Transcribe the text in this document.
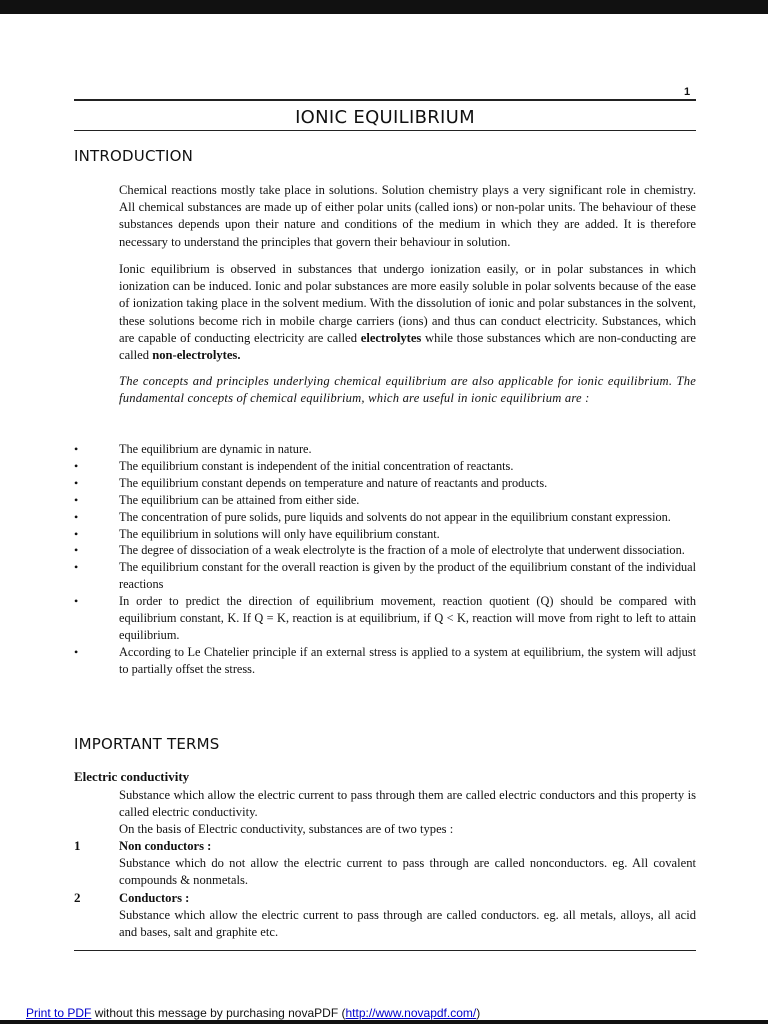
1
IONIC EQUILIBRIUM
INTRODUCTION

Chemical reactions mostly take place in solutions. Solution chemistry plays a very significant role in chemistry. All chemical substances are made up of either polar units (called ions) or non-polar units. The behaviour of these substances depends upon their nature and conditions of the medium in which they are added. It is therefore necessary to understand the principles that govern their behaviour in solution.

Ionic equilibrium is observed in substances that undergo ionization easily, or in polar substances in which ionization can be induced. Ionic and polar substances are more easily soluble in polar solvents because of the ease of ionization taking place in the solvent medium. With the dissolution of ionic and polar substances in the solvent, these solutions become rich in mobile charge carriers (ions) and thus can conduct electricity. Substances, which are capable of conducting electricity are called electrolytes while those substances which are non-conducting are called non-electrolytes.

The concepts and principles underlying chemical equilibrium are also applicable for ionic equilibrium. The fundamental concepts of chemical equilibrium, which are useful in ionic equilibrium are :

•	The equilibrium are dynamic in nature.
•	The equilibrium constant is independent of the initial concentration of reactants.
•	The equilibrium constant depends on temperature and nature of reactants and products.
•	The equilibrium can be attained from either side.
•	The concentration of pure solids, pure liquids and solvents do not appear in the equilibrium constant expression.
•	The equilibrium in solutions will only have equilibrium constant.
•	The degree of dissociation of a weak electrolyte is the fraction of a mole of electrolyte that underwent dissociation.
•	The equilibrium constant for the overall reaction is given by the product of the equilibrium constant of the individual reactions
•	In order to predict the direction of equilibrium movement, reaction quotient (Q) should be compared with equilibrium constant, K. If Q = K, reaction is at equilibrium, if Q < K, reaction will move from right to left to attain equilibrium.
•	According to Le Chatelier principle if an external stress is applied to a system at equilibrium, the system will adjust to partially offset the stress.
IMPORTANT TERMS
Electric conductivity
Substance which allow the electric current to pass through them are called electric conductors and this property is called electric conductivity.
On the basis of Electric conductivity, substances are of two types :
1	Non conductors :
Substance which do not allow the electric current to pass through are called nonconductors. eg. All covalent compounds & nonmetals.
2	Conductors :
Substance which allow the electric current to pass through are called conductors. eg. all metals, alloys, all acid and bases, salt and graphite etc.
Print to PDF without this message by purchasing novaPDF (http://www.novapdf.com/)
